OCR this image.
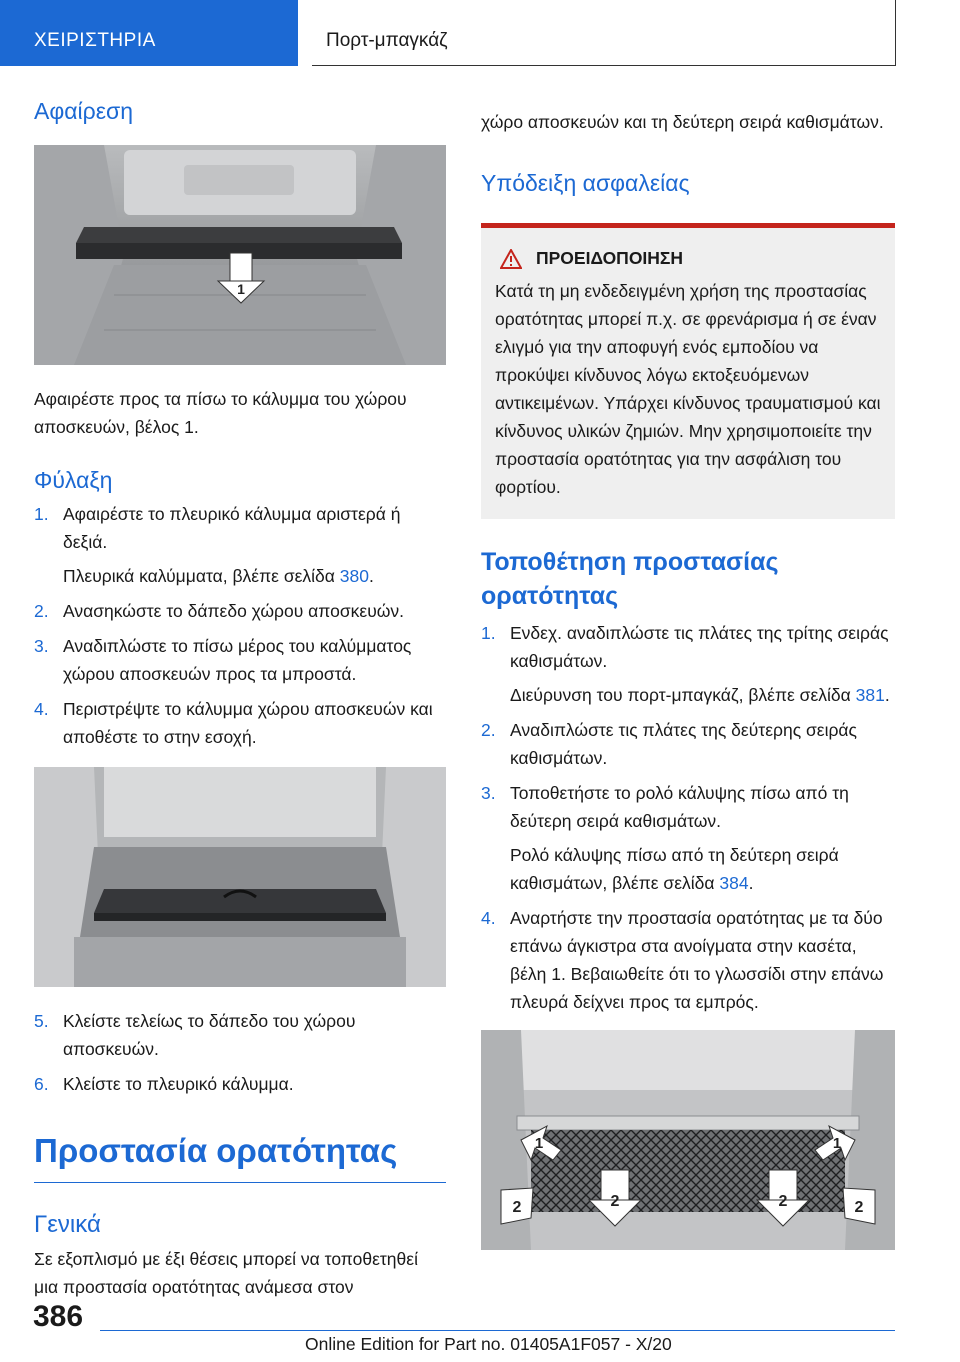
ΧΕΙΡΙΣΤΗΡΙΑ	Πορτ-μπαγκάζ
Αφαίρεση
1

Αφαιρέστε προς τα πίσω το κάλυμμα του χώρου αποσκευών, βέλος 1.

Φύλαξη
1. Αφαιρέστε το πλευρικό κάλυμμα αριστερά ή δεξιά.
Πλευρικά καλύμματα, βλέπε σελίδα 380.
2. Ανασηκώστε το δάπεδο χώρου αποσκευών.
3. Αναδιπλώστε το πίσω μέρος του καλύμματος χώρου αποσκευών προς τα μπροστά.
4. Περιστρέψτε το κάλυμμα χώρου αποσκευών και αποθέστε το στην εσοχή.
5. Κλείστε τελείως το δάπεδο του χώρου αποσκευών.
6. Κλείστε το πλευρικό κάλυμμα.
Προστασία ορατότητας
Γενικά

Σε εξοπλισμό με έξι θέσεις μπορεί να τοποθετηθεί μια προστασία ορατότητας ανάμεσα στον

χώρο αποσκευών και τη δεύτερη σειρά καθισμάτων.

Υπόδειξη ασφαλείας
ΠΡΟΕΙΔΟΠΟΙΗΣΗ

Κατά τη μη ενδεδειγμένη χρήση της προστασίας ορατότητας μπορεί π.χ. σε φρενάρισμα ή σε έναν ελιγμό για την αποφυγή ενός εμποδίου να προκύψει κίνδυνος λόγω εκτοξευόμενων αντικειμένων. Υπάρχει κίνδυνος τραυματισμού και κίνδυνος υλικών ζημιών. Μην χρησιμοποιείτε την προστασία ορατότητας για την ασφάλιση του φορτίου.

Τοποθέτηση προστασίας ορατότητας
1. Ενδεχ. αναδιπλώστε τις πλάτες της τρίτης σειράς καθισμάτων.
Διεύρυνση του πορτ-μπαγκάζ, βλέπε σελίδα 381.
2. Αναδιπλώστε τις πλάτες της δεύτερης σειράς καθισμάτων.
3. Τοποθετήστε το ρολό κάλυψης πίσω από τη δεύτερη σειρά καθισμάτων.
Ρολό κάλυψης πίσω από τη δεύτερη σειρά καθισμάτων, βλέπε σελίδα 384.
4. Αναρτήστε την προστασία ορατότητας με τα δύο επάνω άγκιστρα στα ανοίγματα στην κασέτα, βέλη 1. Βεβαιωθείτε ότι το γλωσσίδι στην επάνω πλευρά δείχνει προς τα εμπρός.
1	1
2	2	2	2
386
Online Edition for Part no. 01405A1F057 - X/20
